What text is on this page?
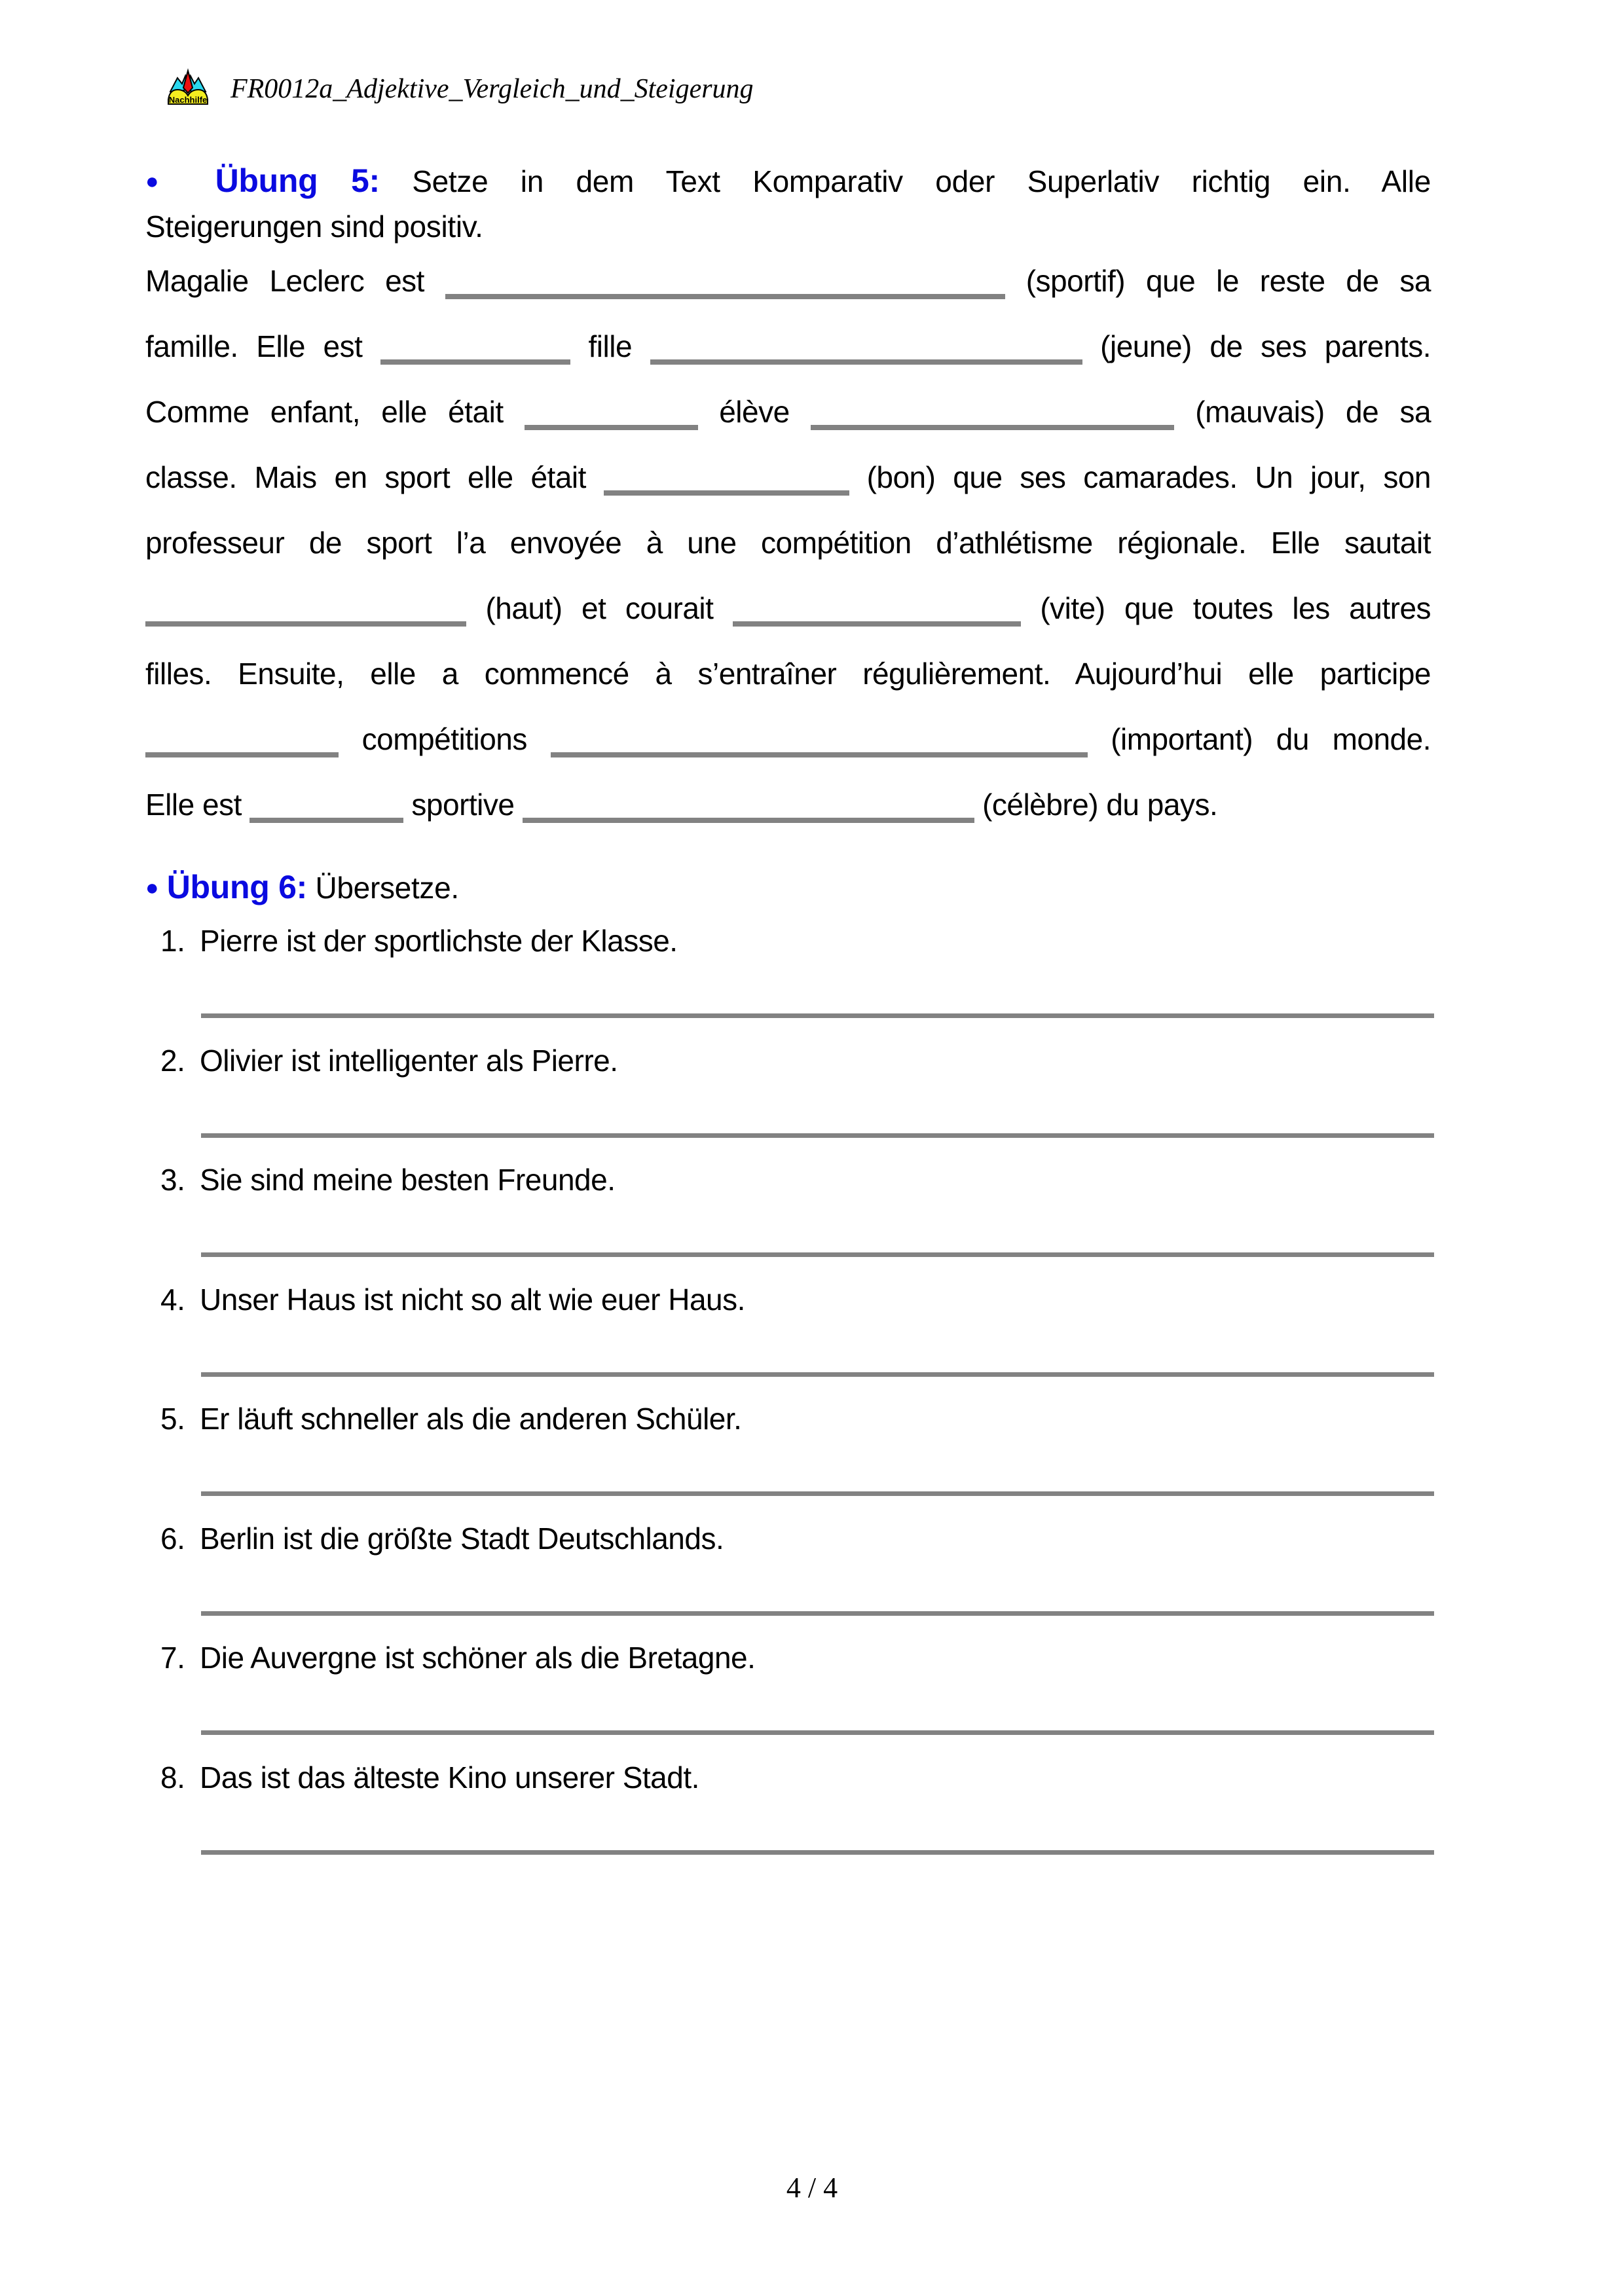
Nachhilfe FR0012a_Adjektive_Vergleich_und_Steigerung
● Übung 5: Setze in dem Text Komparativ oder Superlativ richtig ein. Alle
Steigerungen sind positiv.
Magalie Leclerc est	(sportif) que le reste de sa
famille. Elle est	fille	(jeune) de ses parents.
Comme enfant, elle était	élève	(mauvais) de sa
classe. Mais en sport elle était	(bon) que ses camarades. Un jour, son
professeur de sport l’a envoyée à une compétition d’athlétisme régionale. Elle sautait
(haut) et courait	(vite) que toutes les autres
filles. Ensuite, elle a commencé à s’entraîner régulièrement. Aujourd’hui elle participe
compétitions	(important) du monde.
Elle est	sportive	(célèbre) du pays.
● Übung 6: Übersetze.
1. Pierre ist der sportlichste der Klasse.
2. Olivier ist intelligenter als Pierre.
3. Sie sind meine besten Freunde.
4. Unser Haus ist nicht so alt wie euer Haus.
5. Er läuft schneller als die anderen Schüler.
6. Berlin ist die größte Stadt Deutschlands.
7. Die Auvergne ist schöner als die Bretagne.
8. Das ist das älteste Kino unserer Stadt.
4 / 4
